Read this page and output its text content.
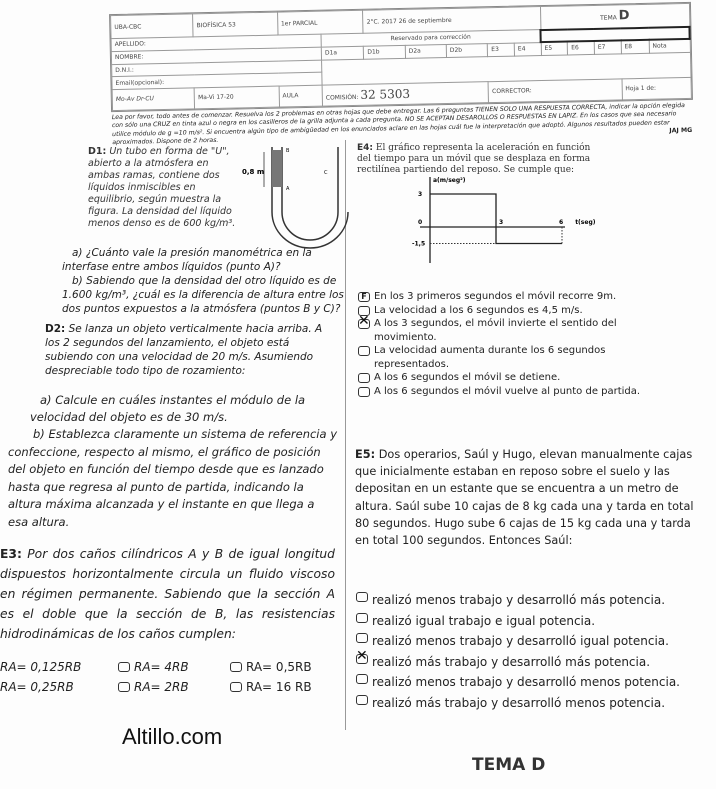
UBA-CBC	BIOFÍSICA 53	1er PARCIAL		2°C. 2017 26 de septiembre					TEMA D				
APELLIDO:			Reservado para corrección										
NOMBRE:			D1a	D1b	D2a	D2b	E3	E4	E5	E6	E7	E8	Nota
D.N.I.:													
Email(opcional):													
Mo-Av Dr-CU	Ma-Vi 17-20	AULA	COMISIÓN: 32 5303				CORRECTOR:					Hoja 1 de:	
Lea por favor, todo antes de comenzar. Resuelva los 2 problemas en otras hojas que debe entregar. Las 6 preguntas TIENEN SOLO UNA RESPUESTA CORRECTA, indicar la opción elegida con sólo una CRUZ en tinta azul o negra en los casilleros de la grilla adjunta a cada pregunta. NO SE ACEPTAN DESAROLLOS O RESPUESTAS EN LAPIZ. En los casos que sea necesario utilice módulo de g =10 m/s². Si encuentra algún tipo de ambigüedad en los enunciados aclare en las hojas cuál fue la interpretación que adoptó. Algunos resultados pueden estar aproximados. Dispone de 2 horas.
JAJ MG
D1: Un tubo en forma de "U", abierto a la atmósfera en ambas ramas, contiene dos líquidos inmiscibles en equilibrio, según muestra la figura. La densidad del líquido menos denso es de 600 kg/m³.
0,8 m
B
A
C
a) ¿Cuánto vale la presión manométrica en la interfase entre ambos líquidos (punto A)?
b) Sabiendo que la densidad del otro líquido es de 1.600 kg/m³, ¿cuál es la diferencia de altura entre los dos puntos expuestos a la atmósfera (puntos B y C)?
D2: Se lanza un objeto verticalmente hacia arriba. A los 2 segundos del lanzamiento, el objeto está subiendo con una velocidad de 20 m/s. Asumiendo despreciable todo tipo de rozamiento:
a) Calcule en cuáles instantes el módulo de la velocidad del objeto es de 30 m/s.
b) Establezca claramente un sistema de referencia y confeccione, respecto al mismo, el gráfico de posición del objeto en función del tiempo desde que es lanzado hasta que regresa al punto de partida, indicando la altura máxima alcanzada y el instante en que llega a esa altura.
E3: Por dos caños cilíndricos A y B de igual longitud dispuestos horizontalmente circula un fluido viscoso en régimen permanente. Sabiendo que la sección A es el doble que la sección de B, las resistencias hidrodinámicas de los caños cumplen:
RA= 0,125RB	RA= 4RB	RA= 0,5RB
RA= 0,25RB	RA= 2RB	RA= 16 RB
Altillo.com
E4: El gráfico representa la aceleración en función del tiempo para un móvil que se desplaza en forma rectilínea partiendo del reposo. Se cumple que:
a(m/seg²)
t(seg)
3	6
3
0
-1,5
F En los 3 primeros segundos el móvil recorre 9m.
La velocidad a los 6 segundos es 4,5 m/s.
✕
A los 3 segundos, el móvil invierte el sentido del movimiento.
La velocidad aumenta durante los 6 segundos representados.
A los 6 segundos el móvil se detiene.
A los 6 segundos el móvil vuelve al punto de partida.
E5: Dos operarios, Saúl y Hugo, elevan manualmente cajas que inicialmente estaban en reposo sobre el suelo y las depositan en un estante que se encuentra a un metro de altura. Saúl sube 10 cajas de 8 kg cada una y tarda en total 80 segundos. Hugo sube 6 cajas de 15 kg cada una y tarda en total 100 segundos. Entonces Saúl:
realizó menos trabajo y desarrolló más potencia.
realizó igual trabajo e igual potencia.
realizó menos trabajo y desarrolló igual potencia.
✕
realizó más trabajo y desarrolló más potencia.
realizó menos trabajo y desarrolló menos potencia.
realizó más trabajo y desarrolló menos potencia.
TEMA D
